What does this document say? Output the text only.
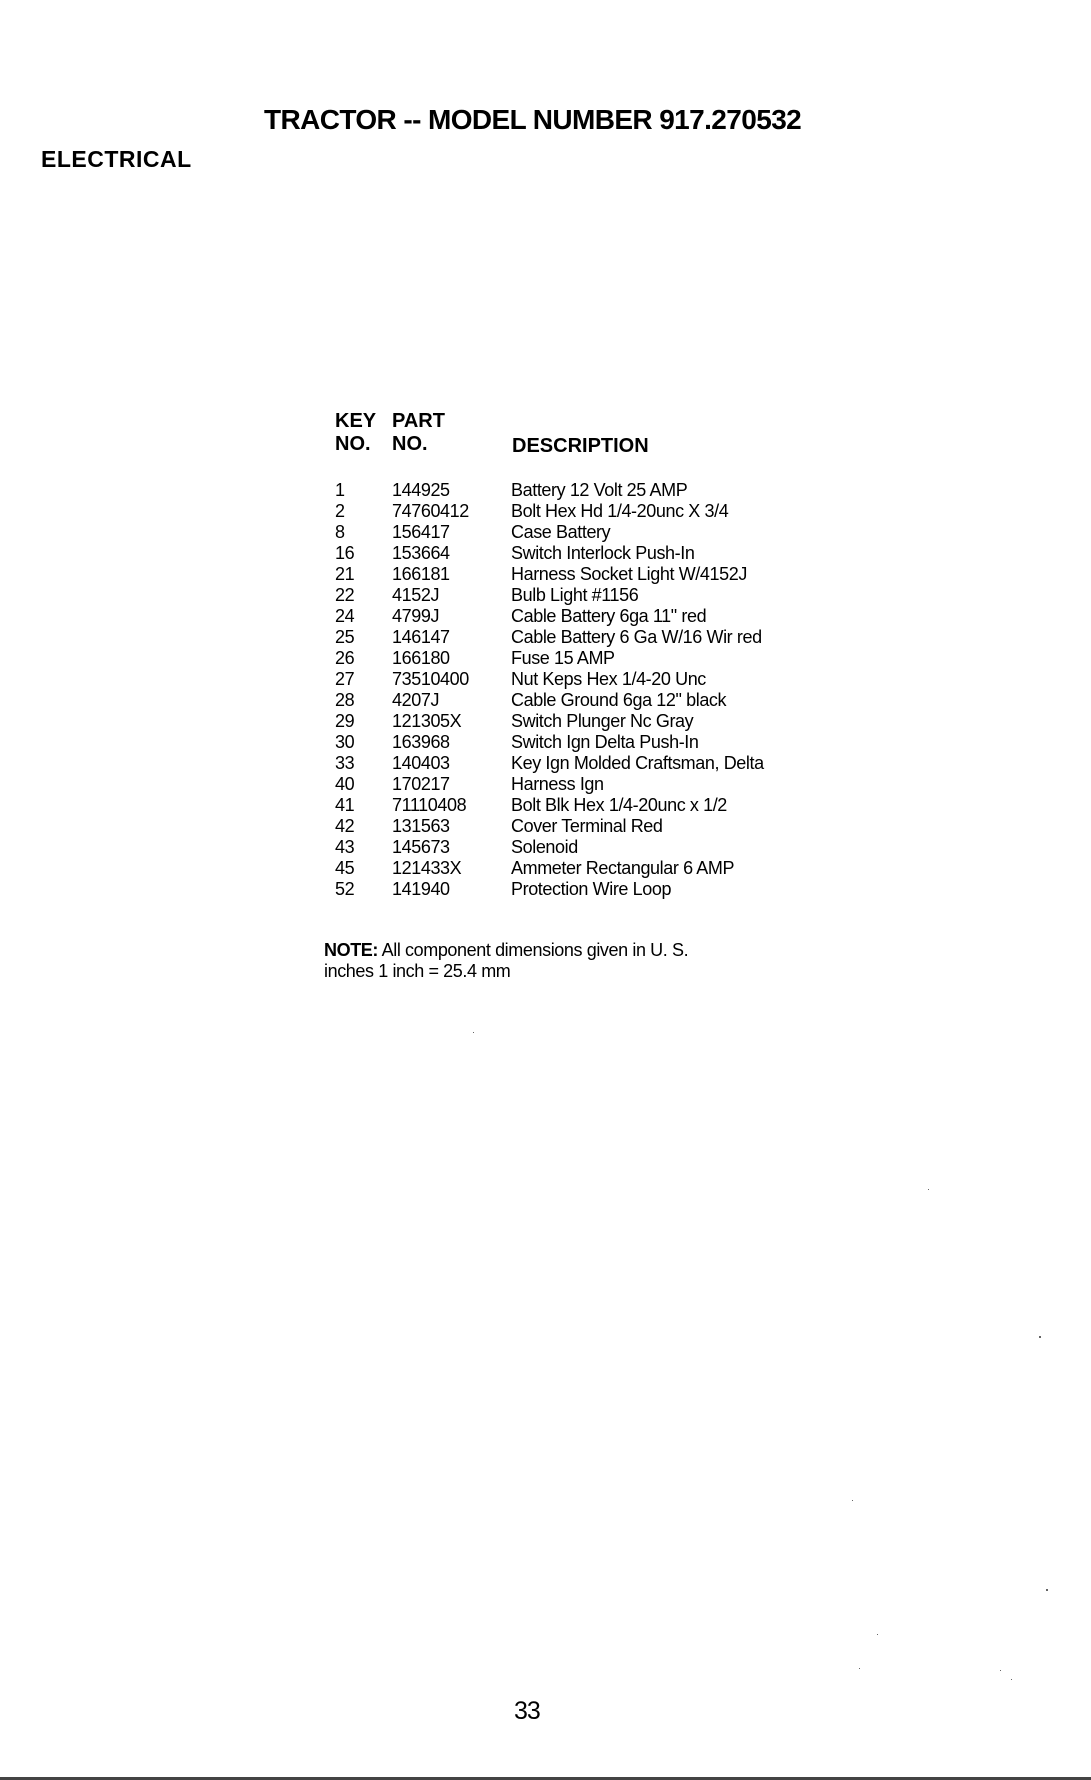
TRACTOR -- MODEL NUMBER 917.270532
ELECTRICAL
KEY
NO.
PART
NO.	DESCRIPTION
1	144925	Battery 12 Volt 25 AMP
2	74760412 Bolt Hex Hd 1/4-20unc X 3/4
8	156417	Case Battery
16 153664	Switch Interlock Push-In
21 166181	Harness Socket Light W/4152J
22 4152J	Bulb Light #1156
24 4799J	Cable Battery 6ga 11" red
25 146147	Cable Battery 6 Ga W/16 Wir red
26 166180	Fuse 15 AMP
27 73510400 Nut Keps Hex 1/4-20 Unc
28 4207J	Cable Ground 6ga 12" black
29 121305X	Switch Plunger Nc Gray
30 163968	Switch Ign Delta Push-In
33 140403	Key Ign Molded Craftsman, Delta
40 170217	Harness Ign
41 71110408 Bolt Blk Hex 1/4-20unc x 1/2
42 131563	Cover Terminal Red
43 145673	Solenoid
45 121433X	Ammeter Rectangular 6 AMP
52 141940	Protection Wire Loop
NOTE: All component dimensions given in U. S.
inches 1 inch = 25.4 mm
33
